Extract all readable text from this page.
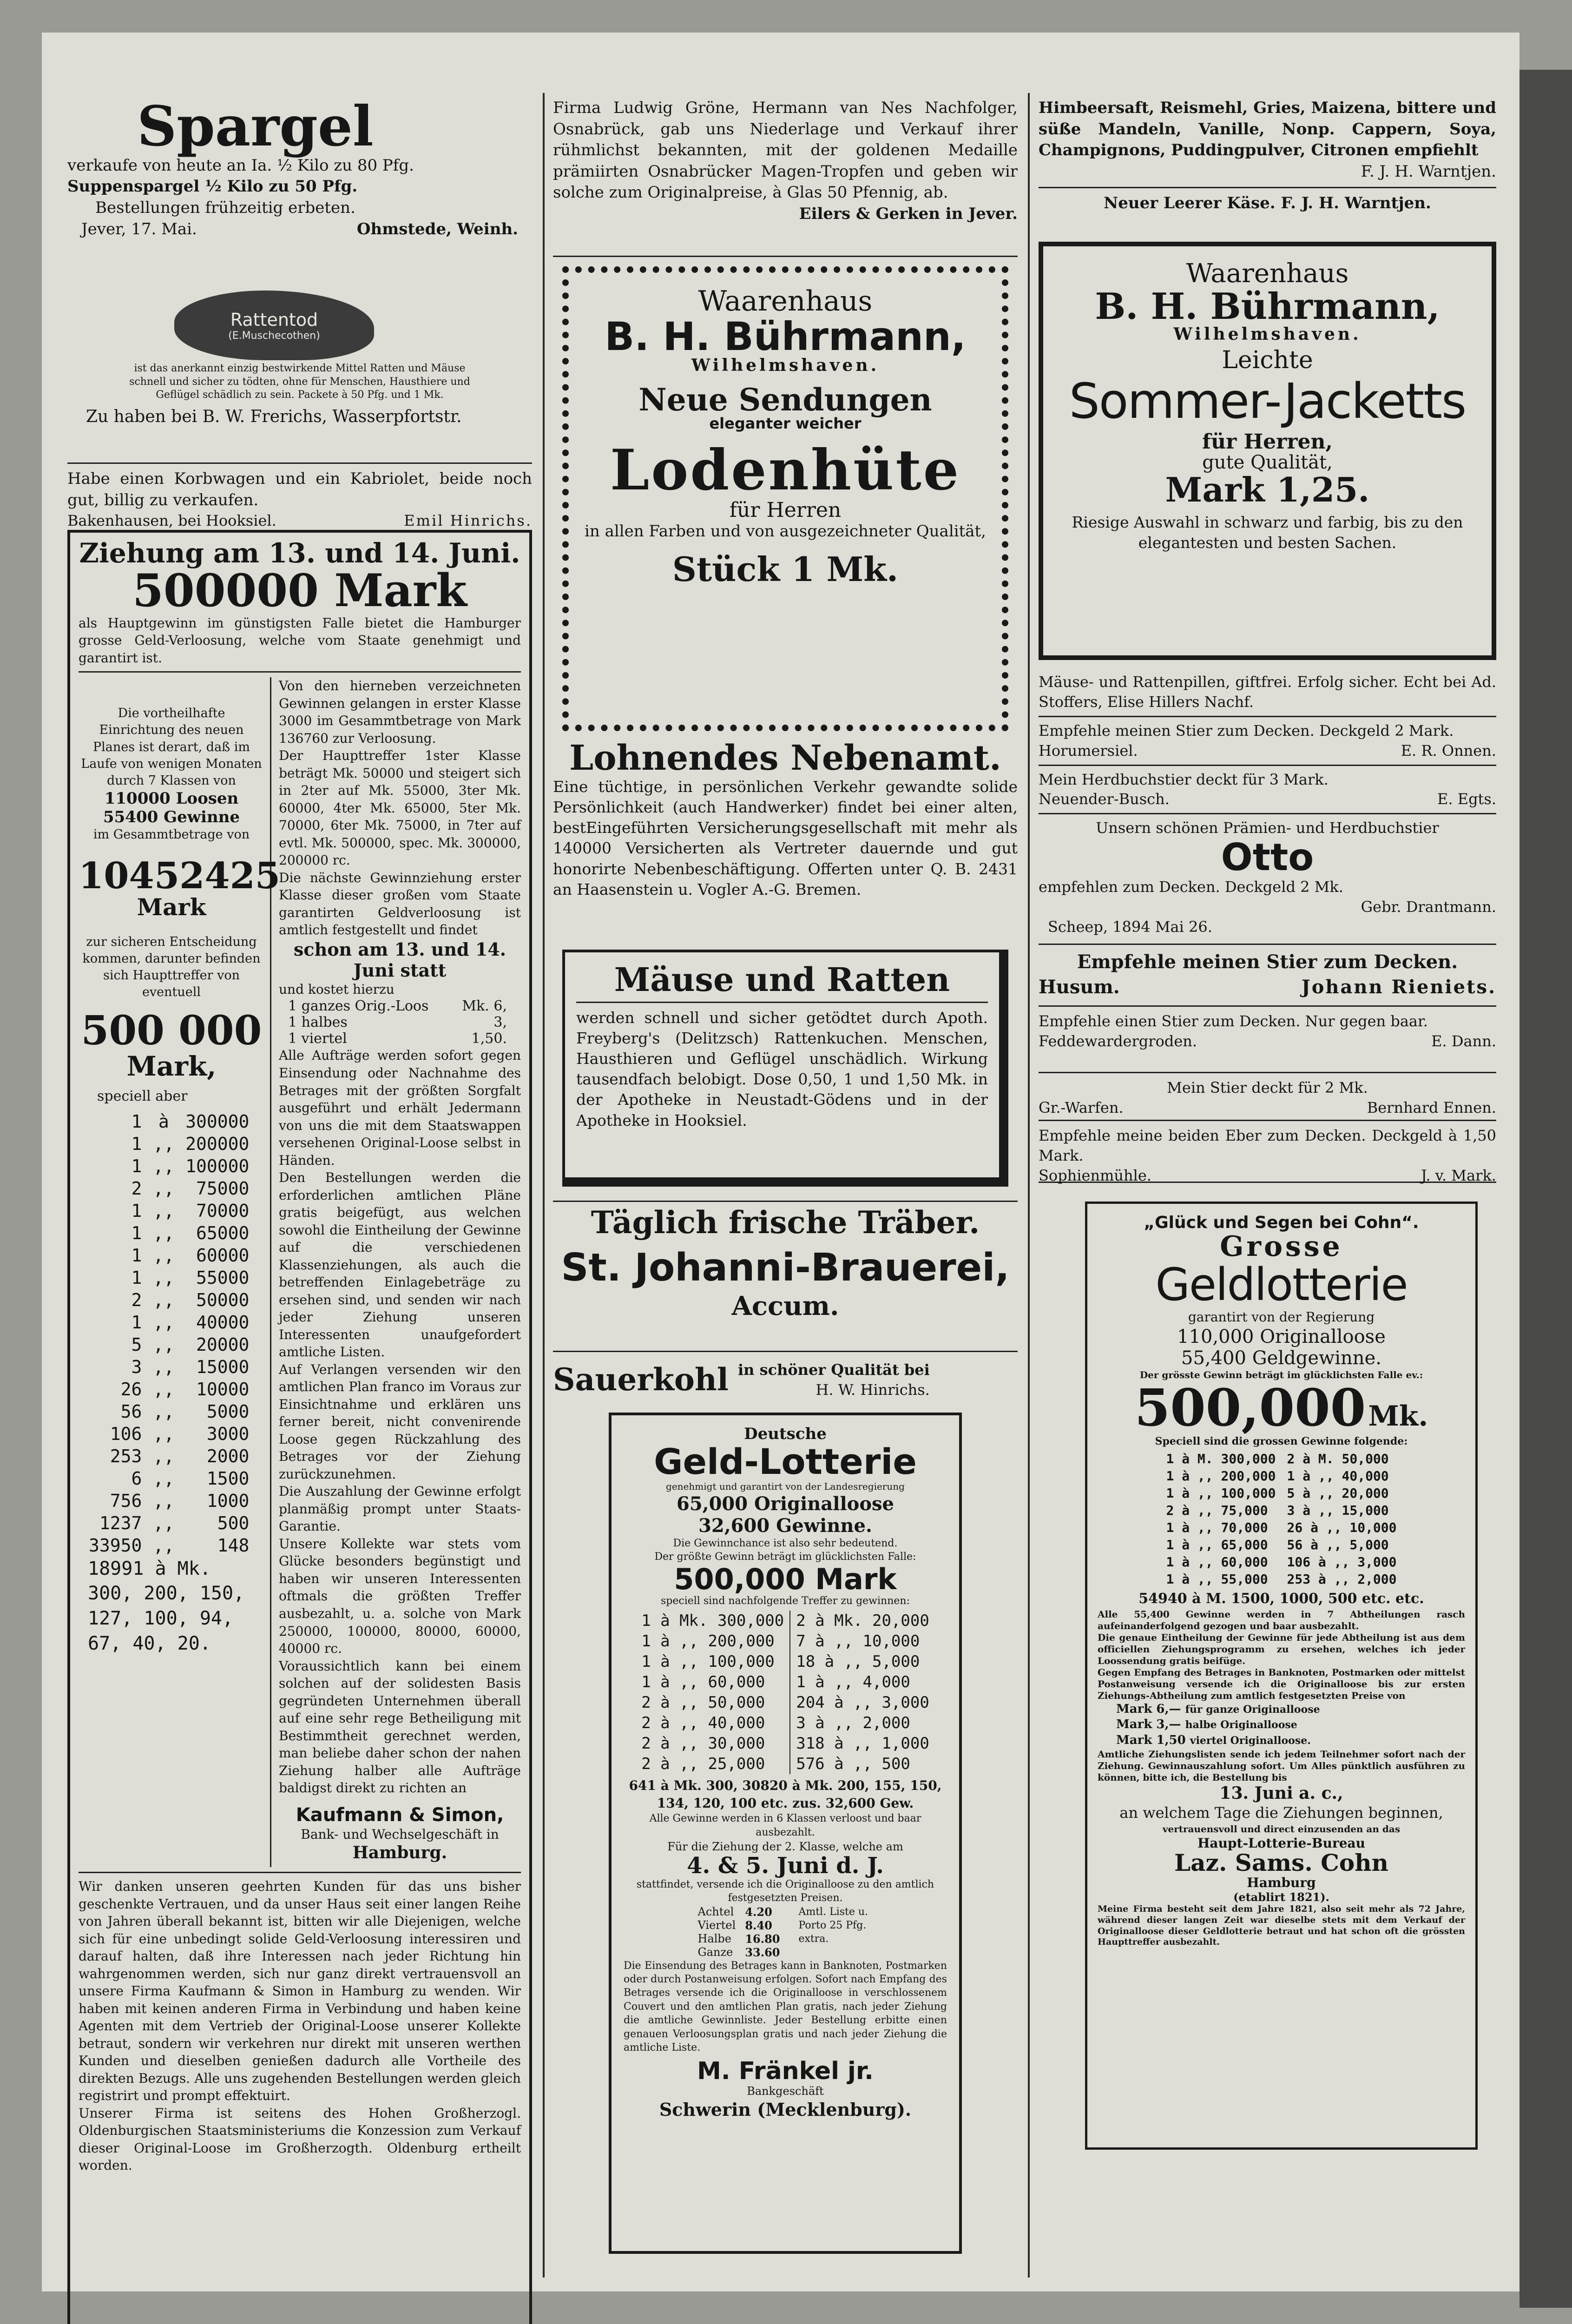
Spargel
verkaufe von heute an Ia. ½ Kilo zu 80 Pfg.
Suppenspargel ½ Kilo zu 50 Pfg.
Bestellungen frühzeitig erbeten.
Jever, 17. Mai.	Ohmstede, Weinh.
Rattentod
(E.Muschecothen)
ist das anerkannt einzig bestwirkende Mittel Ratten und Mäuse schnell und sicher zu tödten, ohne für Menschen, Hausthiere und Geflügel schädlich zu sein. Packete à 50 Pfg. und 1 Mk.
Zu haben bei B. W. Frerichs, Wasserpfortstr.
Habe einen Korbwagen und ein Kabriolet, beide noch gut, billig zu verkaufen.
Bakenhausen, bei Hooksiel.	Emil Hinrichs.
Ziehung am 13. und 14. Juni.
500000 Mark
als Hauptgewinn im günstigsten Falle bietet die Hamburger grosse Geld-Verloosung, welche vom Staate genehmigt und garantirt ist.
Die vortheilhafte Einrichtung des neuen Planes ist derart, daß im Laufe von wenigen Monaten durch 7 Klassen von
110000 Loosen
55400 Gewinne
im Gesammtbetrage von
10452425
Mark
zur sicheren Entscheidung kommen, darunter befinden sich Haupttreffer von eventuell
500 000
Mark,
speciell aber
1	à	300000
1	,,	200000
1	,,	100000
2	,,	75000
1	,,	70000
1	,,	65000
1	,,	60000
1	,,	55000
2	,,	50000
1	,,	40000
5	,,	20000
3	,,	15000
26	,,	10000
56	,,	5000
106	,,	3000
253	,,	2000
6	,,	1500
756	,,	1000
1237	,,	500
33950	,,	148
18991 à Mk. 300, 200, 150, 127, 100, 94, 67, 40, 20.
Von den hierneben verzeichneten Gewinnen gelangen in erster Klasse 3000 im Gesammtbetrage von Mark 136760 zur Verloosung.
Der Haupttreffer 1ster Klasse beträgt Mk. 50000 und steigert sich in 2ter auf Mk. 55000, 3ter Mk. 60000, 4ter Mk. 65000, 5ter Mk. 70000, 6ter Mk. 75000, in 7ter auf evtl. Mk. 500000, spec. Mk. 300000, 200000 rc.
Die nächste Gewinnziehung erster Klasse dieser großen vom Staate garantirten Geldverloosung ist amtlich festgestellt und findet
schon am 13. und 14. Juni statt
und kostet hierzu
1 ganzes Orig.-Loos Mk. 6,
1 halbes	3,
1 viertel	1,50.
Alle Aufträge werden sofort gegen Einsendung oder Nachnahme des Betrages mit der größten Sorgfalt ausgeführt und erhält Jedermann von uns die mit dem Staatswappen versehenen Original-Loose selbst in Händen.
Den Bestellungen werden die erforderlichen amtlichen Pläne gratis beigefügt, aus welchen sowohl die Eintheilung der Gewinne auf die verschiedenen Klassenziehungen, als auch die betreffenden Einlagebeträge zu ersehen sind, und senden wir nach jeder Ziehung unseren Interessenten unaufgefordert amtliche Listen.
Auf Verlangen versenden wir den amtlichen Plan franco im Voraus zur Einsichtnahme und erklären uns ferner bereit, nicht convenirende Loose gegen Rückzahlung des Betrages vor der Ziehung zurückzunehmen.
Die Auszahlung der Gewinne erfolgt planmäßig prompt unter Staats-Garantie.
Unsere Kollekte war stets vom Glücke besonders begünstigt und haben wir unseren Interessenten oftmals die größten Treffer ausbezahlt, u. a. solche von Mark 250000, 100000, 80000, 60000, 40000 rc.
Voraussichtlich kann bei einem solchen auf der solidesten Basis gegründeten Unternehmen überall auf eine sehr rege Betheiligung mit Bestimmtheit gerechnet werden, man beliebe daher schon der nahen Ziehung halber alle Aufträge baldigst direkt zu richten an
Kaufmann & Simon,
Bank- und Wechselgeschäft in
Hamburg.
Wir danken unseren geehrten Kunden für das uns bisher geschenkte Vertrauen, und da unser Haus seit einer langen Reihe von Jahren überall bekannt ist, bitten wir alle Diejenigen, welche sich für eine unbedingt solide Geld-Verloosung interessiren und darauf halten, daß ihre Interessen nach jeder Richtung hin wahrgenommen werden, sich nur ganz direkt vertrauensvoll an unsere Firma Kaufmann & Simon in Hamburg zu wenden. Wir haben mit keinen anderen Firma in Verbindung und haben keine Agenten mit dem Vertrieb der Original-Loose unserer Kollekte betraut, sondern wir verkehren nur direkt mit unseren werthen Kunden und dieselben genießen dadurch alle Vortheile des direkten Bezugs. Alle uns zugehenden Bestellungen werden gleich registrirt und prompt effektuirt.
Unserer Firma ist seitens des Hohen Großherzogl. Oldenburgischen Staatsministeriums die Konzession zum Verkauf dieser Original-Loose im Großherzogth. Oldenburg ertheilt worden.
Firma Ludwig Gröne, Hermann van Nes Nachfolger, Osnabrück, gab uns Niederlage und Verkauf ihrer rühmlichst bekannten, mit der goldenen Medaille prämiirten Osnabrücker Magen-Tropfen und geben wir solche zum Originalpreise, à Glas 50 Pfennig, ab.
Eilers & Gerken in Jever.
Waarenhaus
B. H. Bührmann,
Wilhelmshaven.
Neue Sendungen
eleganter weicher
Lodenhüte
für Herren
in allen Farben und von ausgezeichneter Qualität,
Stück 1 Mk.
Lohnendes Nebenamt.
Eine tüchtige, in persönlichen Verkehr gewandte solide Persönlichkeit (auch Handwerker) findet bei einer alten, bestEingeführten Versicherungsgesellschaft mit mehr als 140000 Versicherten als Vertreter dauernde und gut honorirte Nebenbeschäftigung. Offerten unter Q. B. 2431 an Haasenstein u. Vogler A.-G. Bremen.
Mäuse und Ratten
werden schnell und sicher getödtet durch Apoth. Freyberg's (Delitzsch) Rattenkuchen. Menschen, Hausthieren und Geflügel unschädlich. Wirkung tausendfach belobigt. Dose 0,50, 1 und 1,50 Mk. in der Apotheke in Neustadt-Gödens und in der Apotheke in Hooksiel.
Täglich frische Träber.
St. Johanni-Brauerei,
Accum.
Sauerkohl in schöner Qualität bei
H. W. Hinrichs.
Deutsche
Geld-Lotterie
genehmigt und garantirt von der Landesregierung
65,000 Originalloose
32,600 Gewinne.
Die Gewinnchance ist also sehr bedeutend.
Der größte Gewinn beträgt im glücklichsten Falle:
500,000 Mark
speciell sind nachfolgende Treffer zu gewinnen:
1 à Mk. 300,000	2 à Mk. 20,000
1 à ,, 200,000	7 à ,, 10,000
1 à ,, 100,000	18 à ,, 5,000
1 à ,, 60,000	1 à ,, 4,000
2 à ,, 50,000	204 à ,, 3,000
2 à ,, 40,000	3 à ,, 2,000
2 à ,, 30,000	318 à ,, 1,000
2 à ,, 25,000	576 à ,, 500
641 à Mk. 300, 30820 à Mk. 200, 155, 150, 134, 120, 100 etc. zus. 32,600 Gew.
Alle Gewinne werden in 6 Klassen verloost und baar ausbezahlt.
Für die Ziehung der 2. Klasse, welche am
4. & 5. Juni d. J.
stattfindet, versende ich die Originalloose zu den amtlich festgesetzten Preisen.
Achtel	4.20
Viertel	8.40
Halbe	16.80
Ganze	33.60
Amtl. Liste u. Porto 25 Pfg. extra.
Die Einsendung des Betrages kann in Banknoten, Postmarken oder durch Postanweisung erfolgen. Sofort nach Empfang des Betrages versende ich die Originalloose in verschlossenem Couvert und den amtlichen Plan gratis, nach jeder Ziehung die amtliche Gewinnliste. Jeder Bestellung erbitte einen genauen Verloosungsplan gratis und nach jeder Ziehung die amtliche Liste.
M. Fränkel jr.
Bankgeschäft
Schwerin (Mecklenburg).
Himbeersaft, Reismehl, Gries, Maizena, bittere und süße Mandeln, Vanille, Nonp. Cappern, Soya, Champignons, Puddingpulver, Citronen empfiehlt
F. J. H. Warntjen.
Neuer Leerer Käse. F. J. H. Warntjen.
Waarenhaus
B. H. Bührmann,
Wilhelmshaven.
Leichte
Sommer-Jacketts
für Herren,
gute Qualität,
Mark 1,25.
Riesige Auswahl in schwarz und farbig, bis zu den elegantesten und besten Sachen.
Mäuse- und Rattenpillen, giftfrei. Erfolg sicher. Echt bei Ad. Stoffers, Elise Hillers Nachf.
Empfehle meinen Stier zum Decken. Deckgeld 2 Mark.
Horumersiel.	E. R. Onnen.
Mein Herdbuchstier deckt für 3 Mark.
Neuender-Busch.	E. Egts.
Unsern schönen Prämien- und Herdbuchstier
Otto
empfehlen zum Decken. Deckgeld 2 Mk.
Gebr. Drantmann.
Scheep, 1894 Mai 26.
Empfehle meinen Stier zum Decken.
Husum.	Johann Rieniets.
Empfehle einen Stier zum Decken. Nur gegen baar.
Feddewardergroden.	E. Dann.
Mein Stier deckt für 2 Mk.
Gr.-Warfen.	Bernhard Ennen.
Empfehle meine beiden Eber zum Decken. Deckgeld à 1,50 Mark.
Sophienmühle.	J. v. Mark.
„Glück und Segen bei Cohn“.
Grosse
Geldlotterie
garantirt von der Regierung
110,000 Originalloose
55,400 Geldgewinne.
Der grösste Gewinn beträgt im glücklichsten Falle ev.:
500,000 Mk.
Speciell sind die grossen Gewinne folgende:
1 à M. 300,000	2 à M. 50,000
1 à ,, 200,000	1 à ,, 40,000
1 à ,, 100,000	5 à ,, 20,000
2 à ,, 75,000	3 à ,, 15,000
1 à ,, 70,000	26 à ,, 10,000
1 à ,, 65,000	56 à ,, 5,000
1 à ,, 60,000	106 à ,, 3,000
1 à ,, 55,000	253 à ,, 2,000
54940 à M. 1500, 1000, 500 etc. etc.
Alle 55,400 Gewinne werden in 7 Abtheilungen rasch aufeinanderfolgend gezogen und baar ausbezahlt.
Die genaue Eintheilung der Gewinne für jede Abtheilung ist aus dem officiellen Ziehungsprogramm zu ersehen, welches ich jeder Loossendung gratis beifüge.
Gegen Empfang des Betrages in Banknoten, Postmarken oder mittelst Postanweisung versende ich die Originalloose bis zur ersten Ziehungs-Abtheilung zum amtlich festgesetzten Preise von
Mark 6,— für ganze Originalloose
Mark 3,— halbe Originalloose
Mark 1,50 viertel Originalloose.
Amtliche Ziehungslisten sende ich jedem Teilnehmer sofort nach der Ziehung. Gewinnauszahlung sofort. Um Alles pünktlich ausführen zu können, bitte ich, die Bestellung bis
13. Juni a. c.,
an welchem Tage die Ziehungen beginnen,
vertrauensvoll und direct einzusenden an das
Haupt-Lotterie-Bureau
Laz. Sams. Cohn
Hamburg
(etablirt 1821).
Meine Firma besteht seit dem Jahre 1821, also seit mehr als 72 Jahre, während dieser langen Zeit war dieselbe stets mit dem Verkauf der Originalloose dieser Geldlotterie betraut und hat schon oft die grössten Haupttreffer ausbezahlt.
